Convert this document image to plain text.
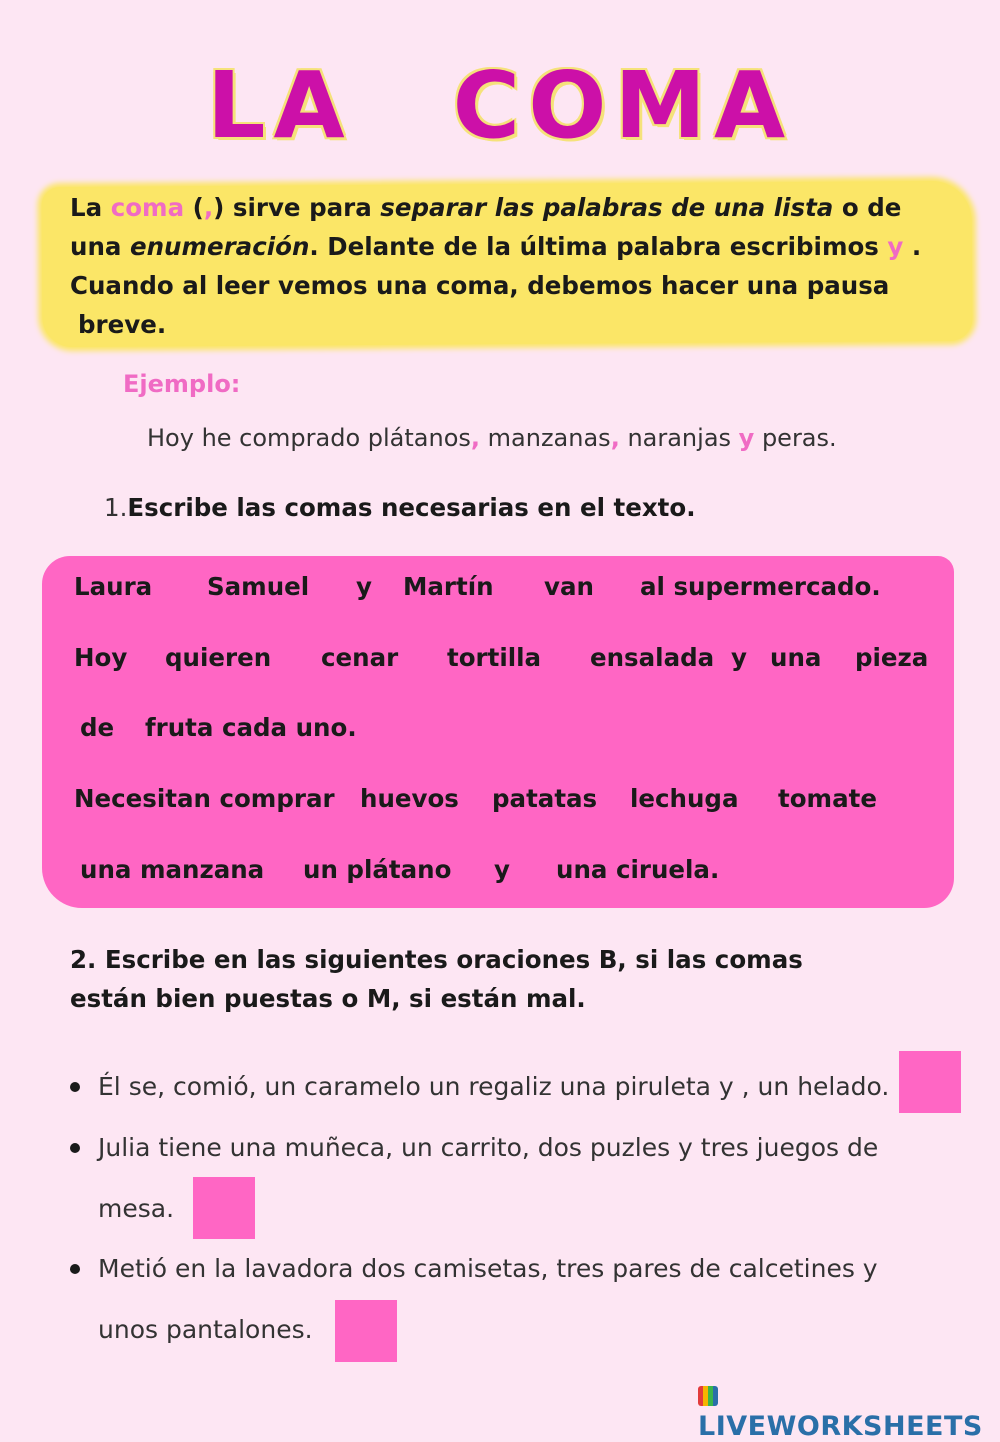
LA COMA
La coma (,) sirve para separar las palabras de una lista o de una enumeración. Delante de la última palabra escribimos y . Cuando al leer vemos una coma, debemos hacer una pausa
breve.
Ejemplo:
Hoy he comprado plátanos, manzanas, naranjas y peras.
1.Escribe las comas necesarias en el texto.
Laura Samuel y Martín van al supermercado.
Hoy quieren cenar tortilla ensalada y una pieza
de fruta cada uno.
Necesitan comprar huevos patatas lechuga tomate
una manzana un plátano y una ciruela.
2. Escribe en las siguientes oraciones B, si las comas
están bien puestas o M, si están mal.
Él se, comió, un caramelo un regaliz una piruleta y , un helado.
Julia tiene una muñeca, un carrito, dos puzles y tres juegos de
mesa.
Metió en la lavadora dos camisetas, tres pares de calcetines y
unos pantalones.
LIVEWORKSHEETS
